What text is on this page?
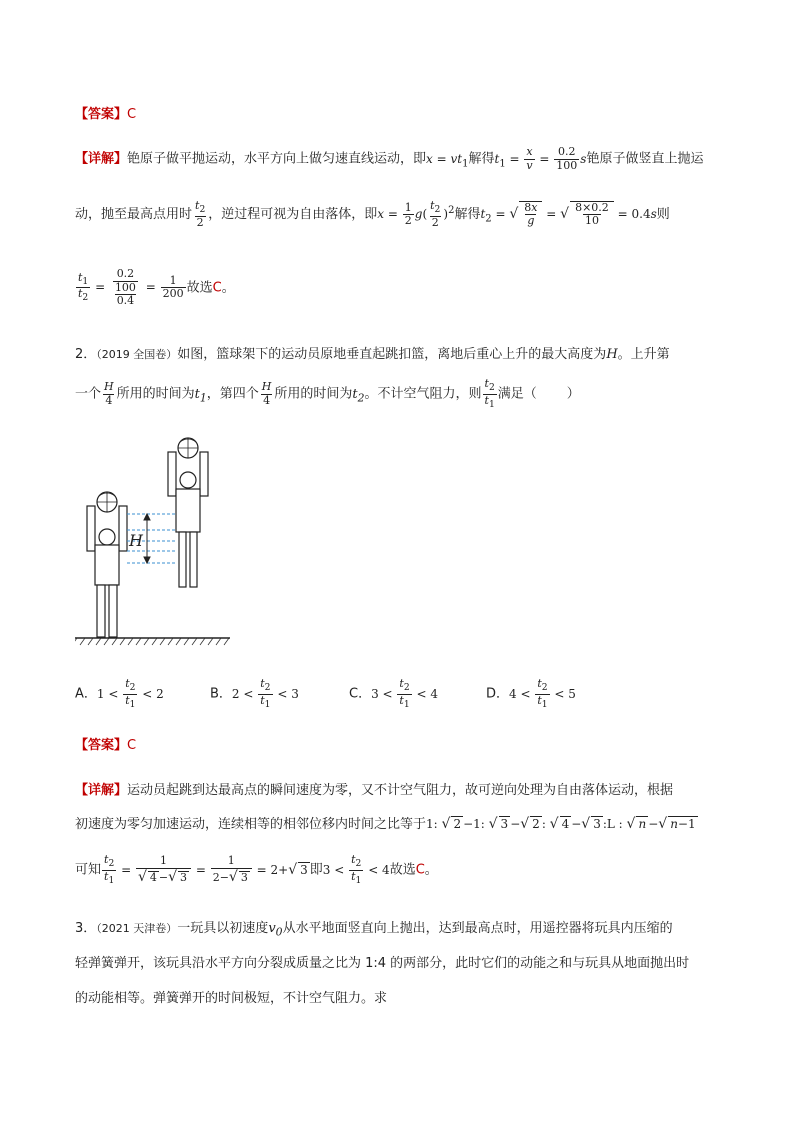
【答案】C
【详解】铯原子做平抛运动，水平方向上做匀速直线运动，即$x = vt_1$解得$t_1 = \frac{x}{v} = \frac{0.2}{100}$ s铯原子做竖直上抛运
动，抛至最高点用时 $\frac{t_2}{2}$ ，逆过程可视为自由落体，即$x = \frac{1}{2} g( \frac{t_2}{2} )^2$解得$t_2$ = √ $\frac{8x}{g}$ = √ $\frac{8\times 0.2}{10} = 0.4s$则
$\frac{t_1}{t_2} = \frac{\frac{0.2}{100}}{0.4} = \frac{1}{200}$ 故选C。
2．（2019 全国卷）如图，篮球架下的运动员原地垂直起跳扣篮，离地后重心上升的最大高度为H。上升第
一个 $\frac{H}{4}$ 所用的时间为$t_1$，第四个 $\frac{H}{4}$ 所用的时间为$t_2$。不计空气阻力，则 $\frac{t_2}{t_1}$ 满足（ ）
H
A．$1 < \frac{t_2}{t_1} < 2$	B．$2 < \frac{t_2}{t_1} < 3$	C．$3 < \frac{t_2}{t_1} < 4$	D．$4 < \frac{t_2}{t_1} < 5$
【答案】C
【详解】运动员起跳到达最高点的瞬间速度为零，又不计空气阻力，故可逆向处理为自由落体运动，根据
初速度为零匀加速运动，连续相等的相邻位移内时间之比等于1: √ 2 −1: √ 3 −√ 2 : √ 4 −√ 3 :L : √ n −√ n−1
可知 $\frac{t_2}{t_1} = \frac{1}{√ 4 -√ 3} = \frac{1}{2-√ 3} = 2+√$ 3 即$3 < \frac{t_2}{t_1} < 4$故选C。
3．（2021 天津卷）一玩具以初速度$v_0$从水平地面竖直向上抛出，达到最高点时，用遥控器将玩具内压缩的
轻弹簧弹开，该玩具沿水平方向分裂成质量之比为 1:4 的两部分，此时它们的动能之和与玩具从地面抛出时
的动能相等。弹簧弹开的时间极短，不计空气阻力。求
